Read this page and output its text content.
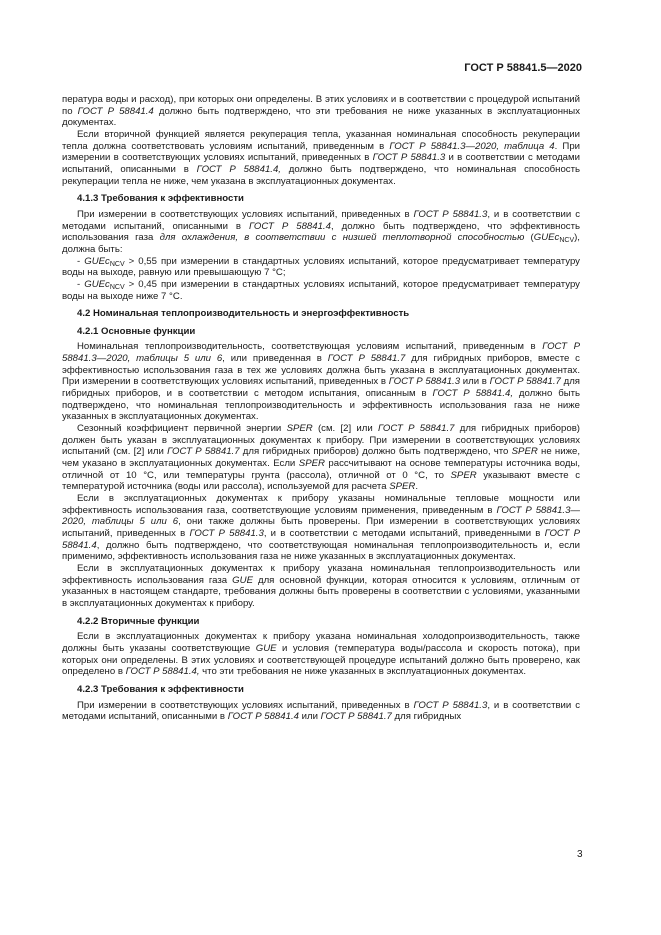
ГОСТ Р 58841.5—2020

пература воды и расход), при которых они определены. В этих условиях и в соответствии с процедурой испытаний по ГОСТ Р 58841.4 должно быть подтверждено, что эти требования не ниже указанных в эксплуатационных документах.

Если вторичной функцией является рекуперация тепла, указанная номинальная способность рекуперации тепла должна соответствовать условиям испытаний, приведенным в ГОСТ Р 58841.3—2020, таблица 4. При измерении в соответствующих условиях испытаний, приведенных в ГОСТ Р 58841.3 и в соответствии с методами испытаний, описанными в ГОСТ Р 58841.4, должно быть подтверждено, что номинальная способность рекуперации тепла не ниже, чем указана в эксплуатационных документах.

4.1.3 Требования к эффективности

При измерении в соответствующих условиях испытаний, приведенных в ГОСТ Р 58841.3, и в соответствии с методами испытаний, описанными в ГОСТ Р 58841.4, должно быть подтверждено, что эффективность использования газа для охлаждения, в соответствии с низшей теплотворной способностью (GUEc$_{NCV}$), должна быть:

- GUEc$_{NCV}$ > 0,55 при измерении в стандартных условиях испытаний, которое предусматривает температуру воды на выходе, равную или превышающую 7 °C;

- GUEc$_{NCV}$ > 0,45 при измерении в стандартных условиях испытаний, которое предусматривает температуру воды на выходе ниже 7 °C.

4.2 Номинальная теплопроизводительность и энергоэффективность
4.2.1 Основные функции

Номинальная теплопроизводительность, соответствующая условиям испытаний, приведенным в ГОСТ Р 58841.3—2020, таблицы 5 или 6, или приведенная в ГОСТ Р 58841.7 для гибридных приборов, вместе с эффективностью использования газа в тех же условиях должна быть указана в эксплуатационных документах. При измерении в соответствующих условиях испытаний, приведенных в ГОСТ Р 58841.3 или в ГОСТ Р 58841.7 для гибридных приборов, и в соответствии с методом испытания, описанным в ГОСТ Р 58841.4, должно быть подтверждено, что номинальная теплопроизводительность и эффективность использования газа не ниже указанных в эксплуатационных документах.

Сезонный коэффициент первичной энергии SPER (см. [2] или ГОСТ Р 58841.7 для гибридных приборов) должен быть указан в эксплуатационных документах к прибору. При измерении в соответствующих условиях испытаний (см. [2] или ГОСТ Р 58841.7 для гибридных приборов) должно быть подтверждено, что SPER не ниже, чем указано в эксплуатационных документах. Если SPER рассчитывают на основе температуры источника воды, отличной от 10 °C, или температуры грунта (рассола), отличной от 0 °C, то SPER указывают вместе с температурой источника (воды или рассола), используемой для расчета SPER.

Если в эксплуатационных документах к прибору указаны номинальные тепловые мощности или эффективность использования газа, соответствующие условиям применения, приведенным в ГОСТ Р 58841.3—2020, таблицы 5 или 6, они также должны быть проверены. При измерении в соответствующих условиях испытаний, приведенных в ГОСТ Р 58841.3, и в соответствии с методами испытаний, приведенными в ГОСТ Р 58841.4, должно быть подтверждено, что соответствующая номинальная теплопроизводительность и, если применимо, эффективность использования газа не ниже указанных в эксплуатационных документах.

Если в эксплуатационных документах к прибору указана номинальная теплопроизводительность или эффективность использования газа GUE для основной функции, которая относится к условиям, отличным от указанных в настоящем стандарте, требования должны быть проверены в соответствии с условиями, указанными в эксплуатационных документах к прибору.

4.2.2 Вторичные функции

Если в эксплуатационных документах к прибору указана номинальная холодопроизводительность, также должны быть указаны соответствующие GUE и условия (температура воды/рассола и скорость потока), при которых они определены. В этих условиях и соответствующей процедуре испытаний должно быть проверено, как определено в ГОСТ Р 58841.4, что эти требования не ниже указанных в эксплуатационных документах.

4.2.3 Требования к эффективности

При измерении в соответствующих условиях испытаний, приведенных в ГОСТ Р 58841.3, и в соответствии с методами испытаний, описанными в ГОСТ Р 58841.4 или ГОСТ Р 58841.7 для гибридных

3
